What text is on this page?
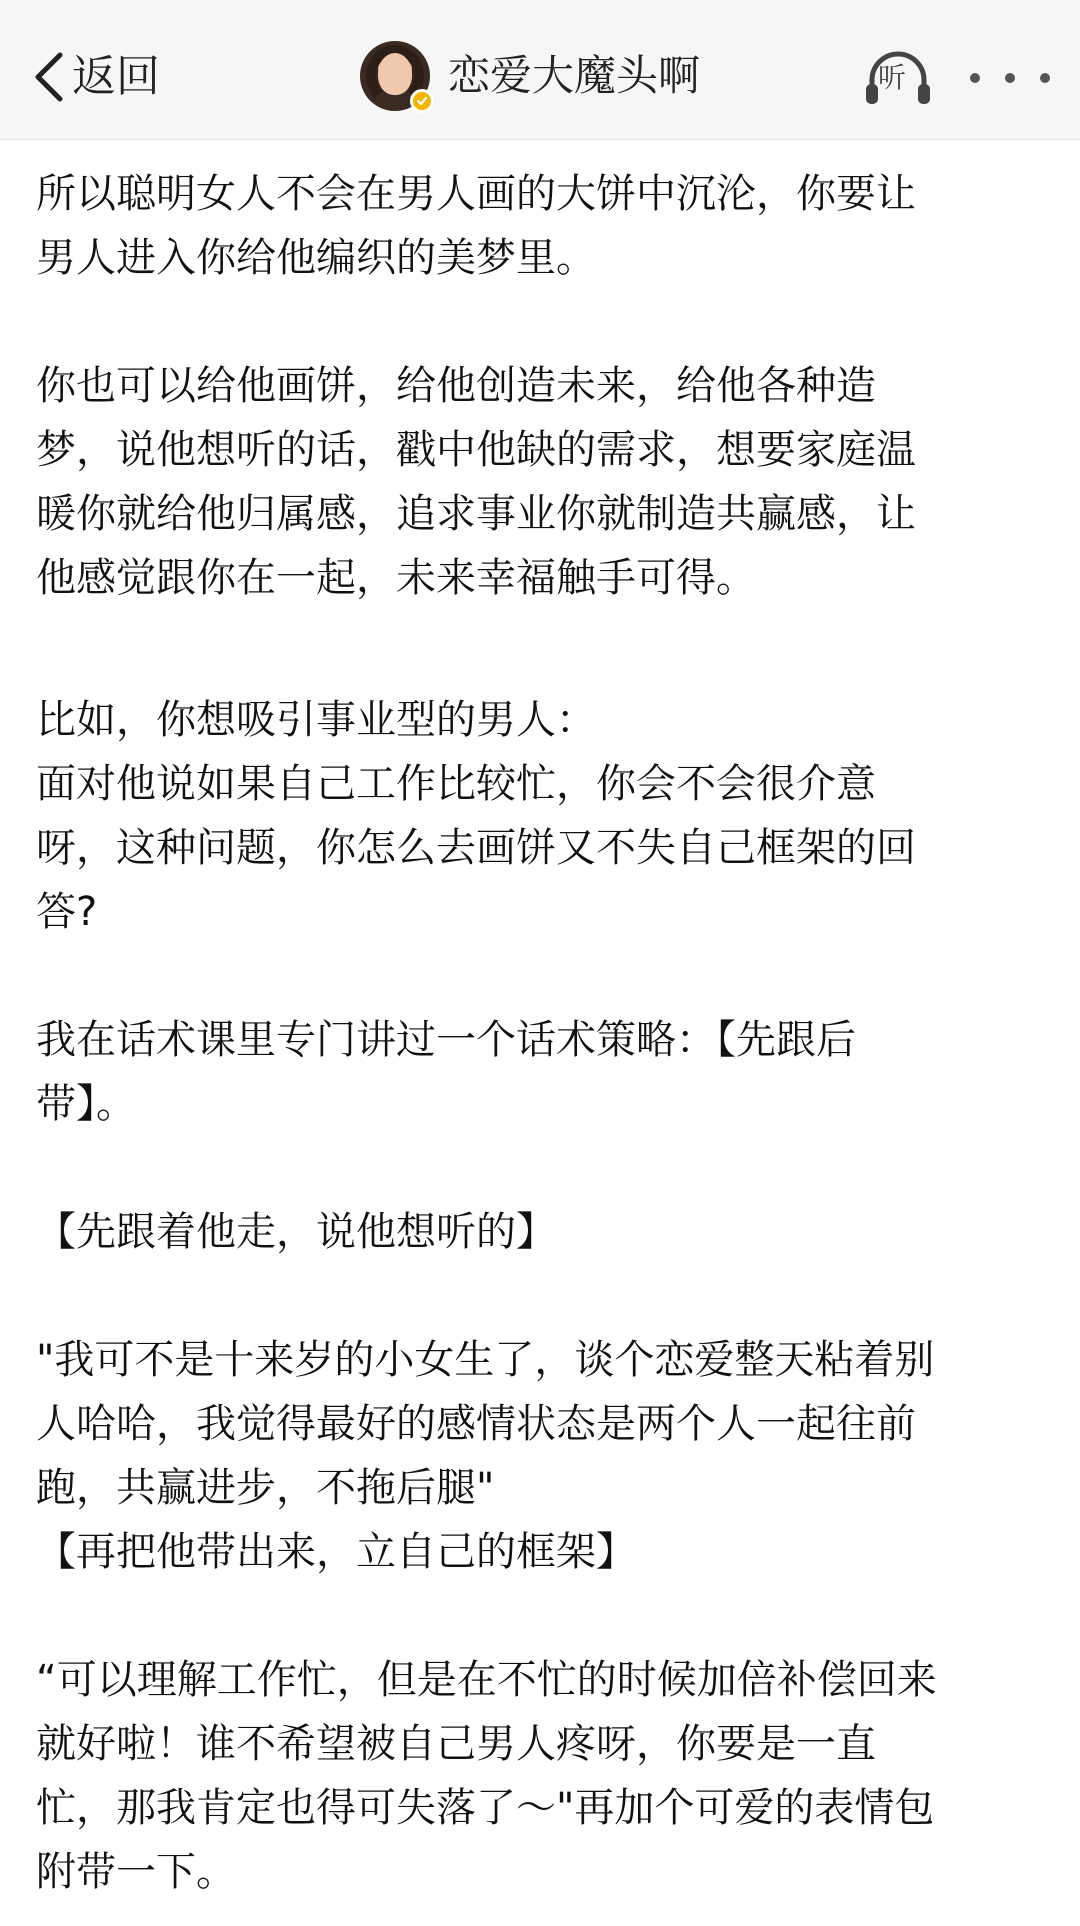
返回	恋爱大魔头啊	听

所以聪明女人不会在男人画的大饼中沉沦，你要让
男人进入你给他编织的美梦里。

你也可以给他画饼，给他创造未来，给他各种造
梦，说他想听的话，戳中他缺的需求，想要家庭温
暖你就给他归属感，追求事业你就制造共赢感，让
他感觉跟你在一起，未来幸福触手可得。

比如，你想吸引事业型的男人：
面对他说如果自己工作比较忙，你会不会很介意
呀，这种问题，你怎么去画饼又不失自己框架的回
答?

我在话术课里专门讲过一个话术策略：【先跟后
带】。

【先跟着他走，说他想听的】

"我可不是十来岁的小女生了，谈个恋爱整天粘着别
人哈哈，我觉得最好的感情状态是两个人一起往前
跑，共赢进步，不拖后腿"
【再把他带出来，立自己的框架】

“可以理解工作忙，但是在不忙的时候加倍补偿回来
就好啦！谁不希望被自己男人疼呀，你要是一直
忙，那我肯定也得可失落了～"再加个可爱的表情包
附带一下。
